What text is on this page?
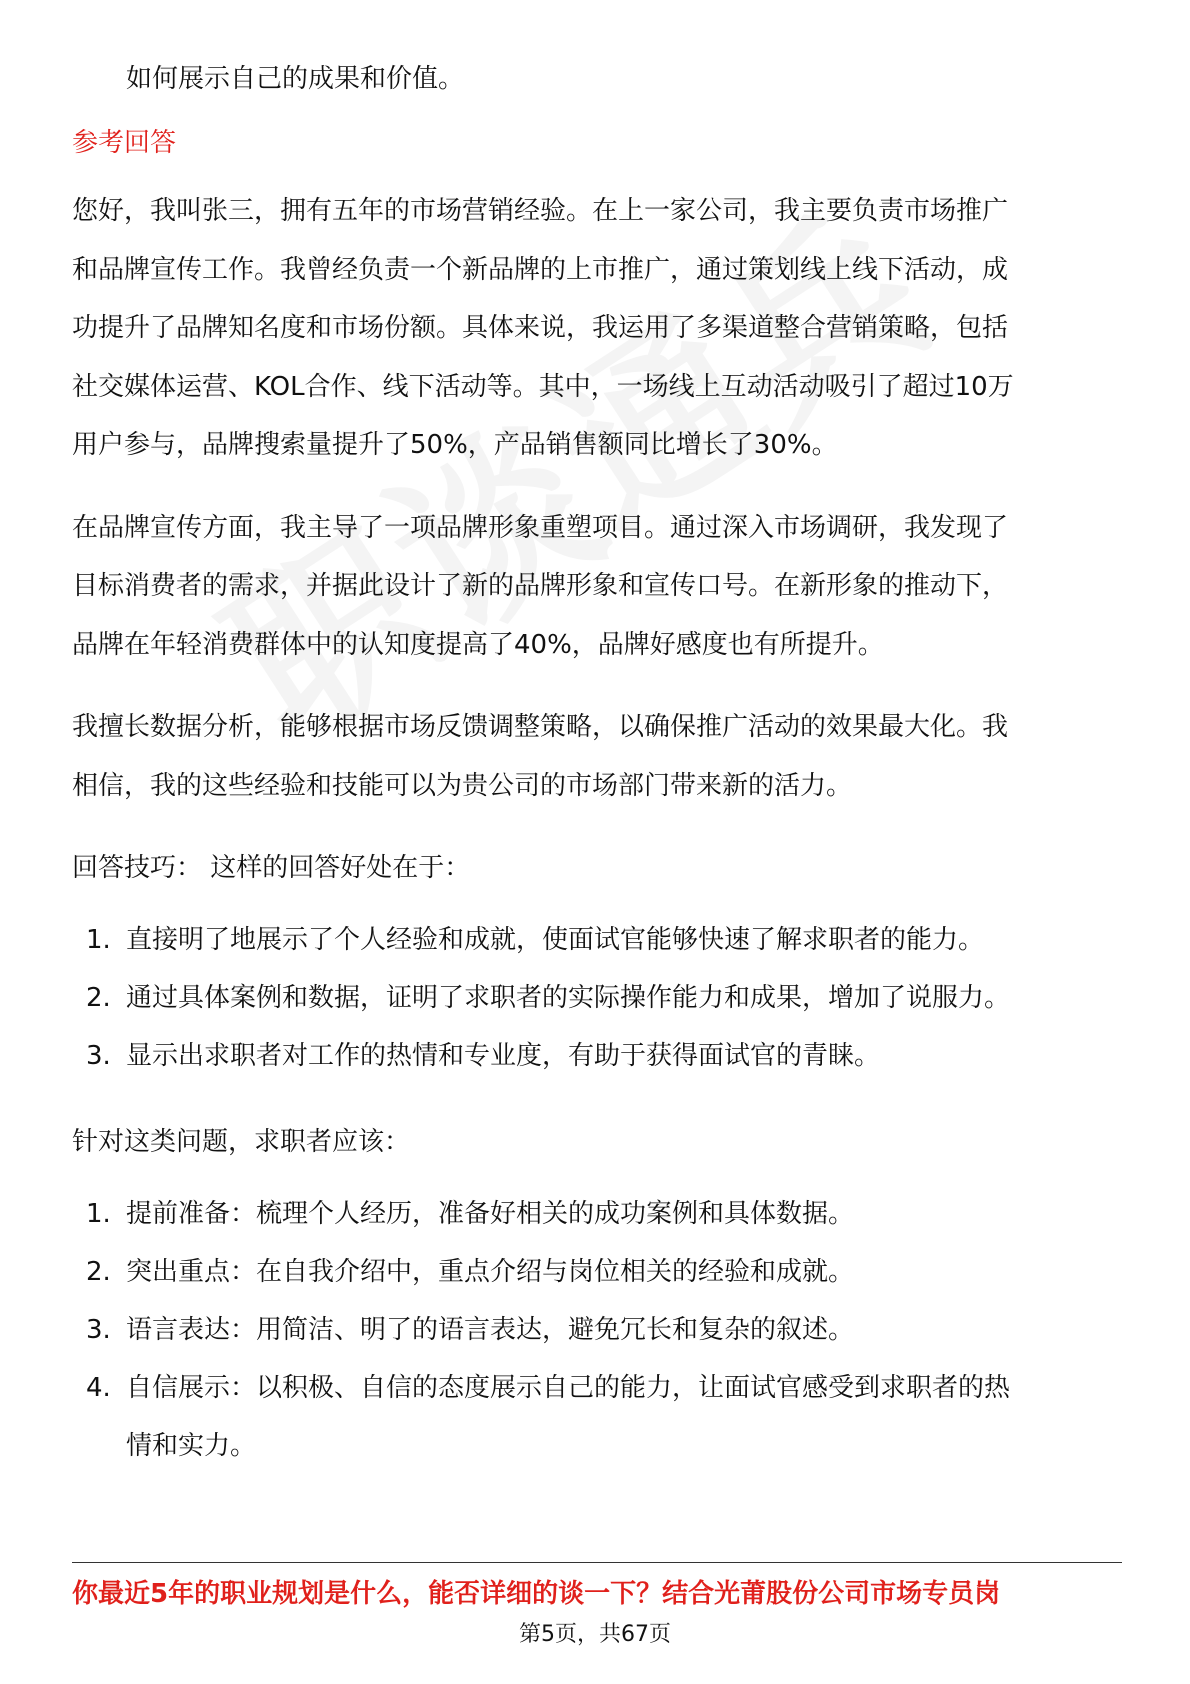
如何展示自己的成果和价值。
参考回答
您好，我叫张三，拥有五年的市场营销经验。在上一家公司，我主要负责市场推广
和品牌宣传工作。我曾经负责一个新品牌的上市推广，通过策划线上线下活动，成
功提升了品牌知名度和市场份额。具体来说，我运用了多渠道整合营销策略，包括
社交媒体运营、KOL合作、线下活动等。其中，一场线上互动活动吸引了超过10万
用户参与，品牌搜索量提升了50%，产品销售额同比增长了30%。
在品牌宣传方面，我主导了一项品牌形象重塑项目。通过深入市场调研，我发现了
目标消费者的需求，并据此设计了新的品牌形象和宣传口号。在新形象的推动下，
品牌在年轻消费群体中的认知度提高了40%，品牌好感度也有所提升。
我擅长数据分析，能够根据市场反馈调整策略，以确保推广活动的效果最大化。我
相信，我的这些经验和技能可以为贵公司的市场部门带来新的活力。
回答技巧： 这样的回答好处在于：
1. 直接明了地展示了个人经验和成就，使面试官能够快速了解求职者的能力。
2. 通过具体案例和数据，证明了求职者的实际操作能力和成果，增加了说服力。
3. 显示出求职者对工作的热情和专业度，有助于获得面试官的青睐。
针对这类问题，求职者应该：
1. 提前准备：梳理个人经历，准备好相关的成功案例和具体数据。
2. 突出重点：在自我介绍中，重点介绍与岗位相关的经验和成就。
3. 语言表达：用简洁、明了的语言表达，避免冗长和复杂的叙述。
4. 自信展示：以积极、自信的态度展示自己的能力，让面试官感受到求职者的热
情和实力。
你最近5年的职业规划是什么，能否详细的谈一下？结合光莆股份公司市场专员岗
第5页，共67页
